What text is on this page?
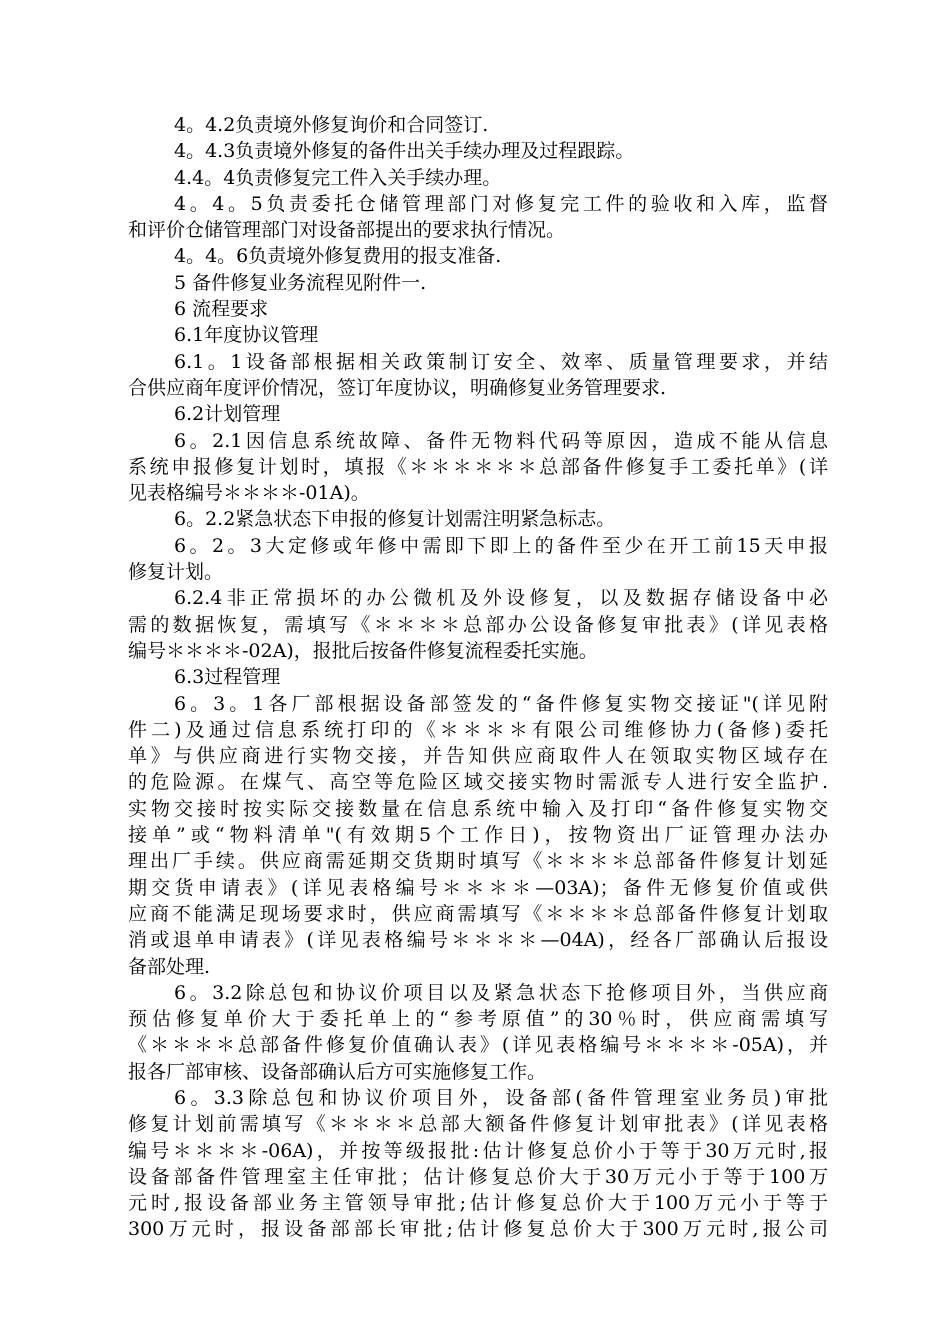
4。4.2负责境外修复询价和合同签订.
4。4.3负责境外修复的备件出关手续办理及过程跟踪。
4.4。4负责修复完工件入关手续办理。
4。4。5负责委托仓储管理部门对修复完工件的验收和入库，监督
和评价仓储管理部门对设备部提出的要求执行情况。
4。4。6负责境外修复费用的报支准备.
5 备件修复业务流程见附件一.
6 流程要求
6.1年度协议管理
6.1。1设备部根据相关政策制订安全、效率、质量管理要求，并结
合供应商年度评价情况，签订年度协议，明确修复业务管理要求.
6.2计划管理
6。2.1因信息系统故障、备件无物料代码等原因，造成不能从信息
系统申报修复计划时，填报《＊＊＊＊＊＊总部备件修复手工委托单》(详
见表格编号＊＊＊＊-01A)。
6。2.2紧急状态下申报的修复计划需注明紧急标志。
6。2。3大定修或年修中需即下即上的备件至少在开工前15天申报
修复计划。
6.2.4非正常损坏的办公微机及外设修复，以及数据存储设备中必
需的数据恢复，需填写《＊＊＊＊总部办公设备修复审批表》(详见表格
编号＊＊＊＊-02A)，报批后按备件修复流程委托实施。
6.3过程管理
6。3。1各厂部根据设备部签发的“备件修复实物交接证"(详见附
件二)及通过信息系统打印的《＊＊＊＊有限公司维修协力(备修)委托
单》与供应商进行实物交接，并告知供应商取件人在领取实物区域存在
的危险源。在煤气、高空等危险区域交接实物时需派专人进行安全监护.
实物交接时按实际交接数量在信息系统中输入及打印“备件修复实物交
接单”或“物料清单"(有效期5个工作日)，按物资出厂证管理办法办
理出厂手续。供应商需延期交货期时填写《＊＊＊＊总部备件修复计划延
期交货申请表》(详见表格编号＊＊＊＊—03A)；备件无修复价值或供
应商不能满足现场要求时，供应商需填写《＊＊＊＊总部备件修复计划取
消或退单申请表》(详见表格编号＊＊＊＊—04A)，经各厂部确认后报设
备部处理.
6。3.2除总包和协议价项目以及紧急状态下抢修项目外，当供应商
预估修复单价大于委托单上的“参考原值”的30％时，供应商需填写
《＊＊＊＊总部备件修复价值确认表》(详见表格编号＊＊＊＊-05A)，并
报各厂部审核、设备部确认后方可实施修复工作。
6。3.3除总包和协议价项目外，设备部(备件管理室业务员)审批
修复计划前需填写《＊＊＊＊总部大额备件修复计划审批表》(详见表格
编号＊＊＊＊-06A)，并按等级报批:估计修复总价小于等于30万元时,报
设备部备件管理室主任审批；估计修复总价大于30万元小于等于100万
元时,报设备部业务主管领导审批;估计修复总价大于100万元小于等于
300万元时，报设备部部长审批;估计修复总价大于300万元时,报公司
